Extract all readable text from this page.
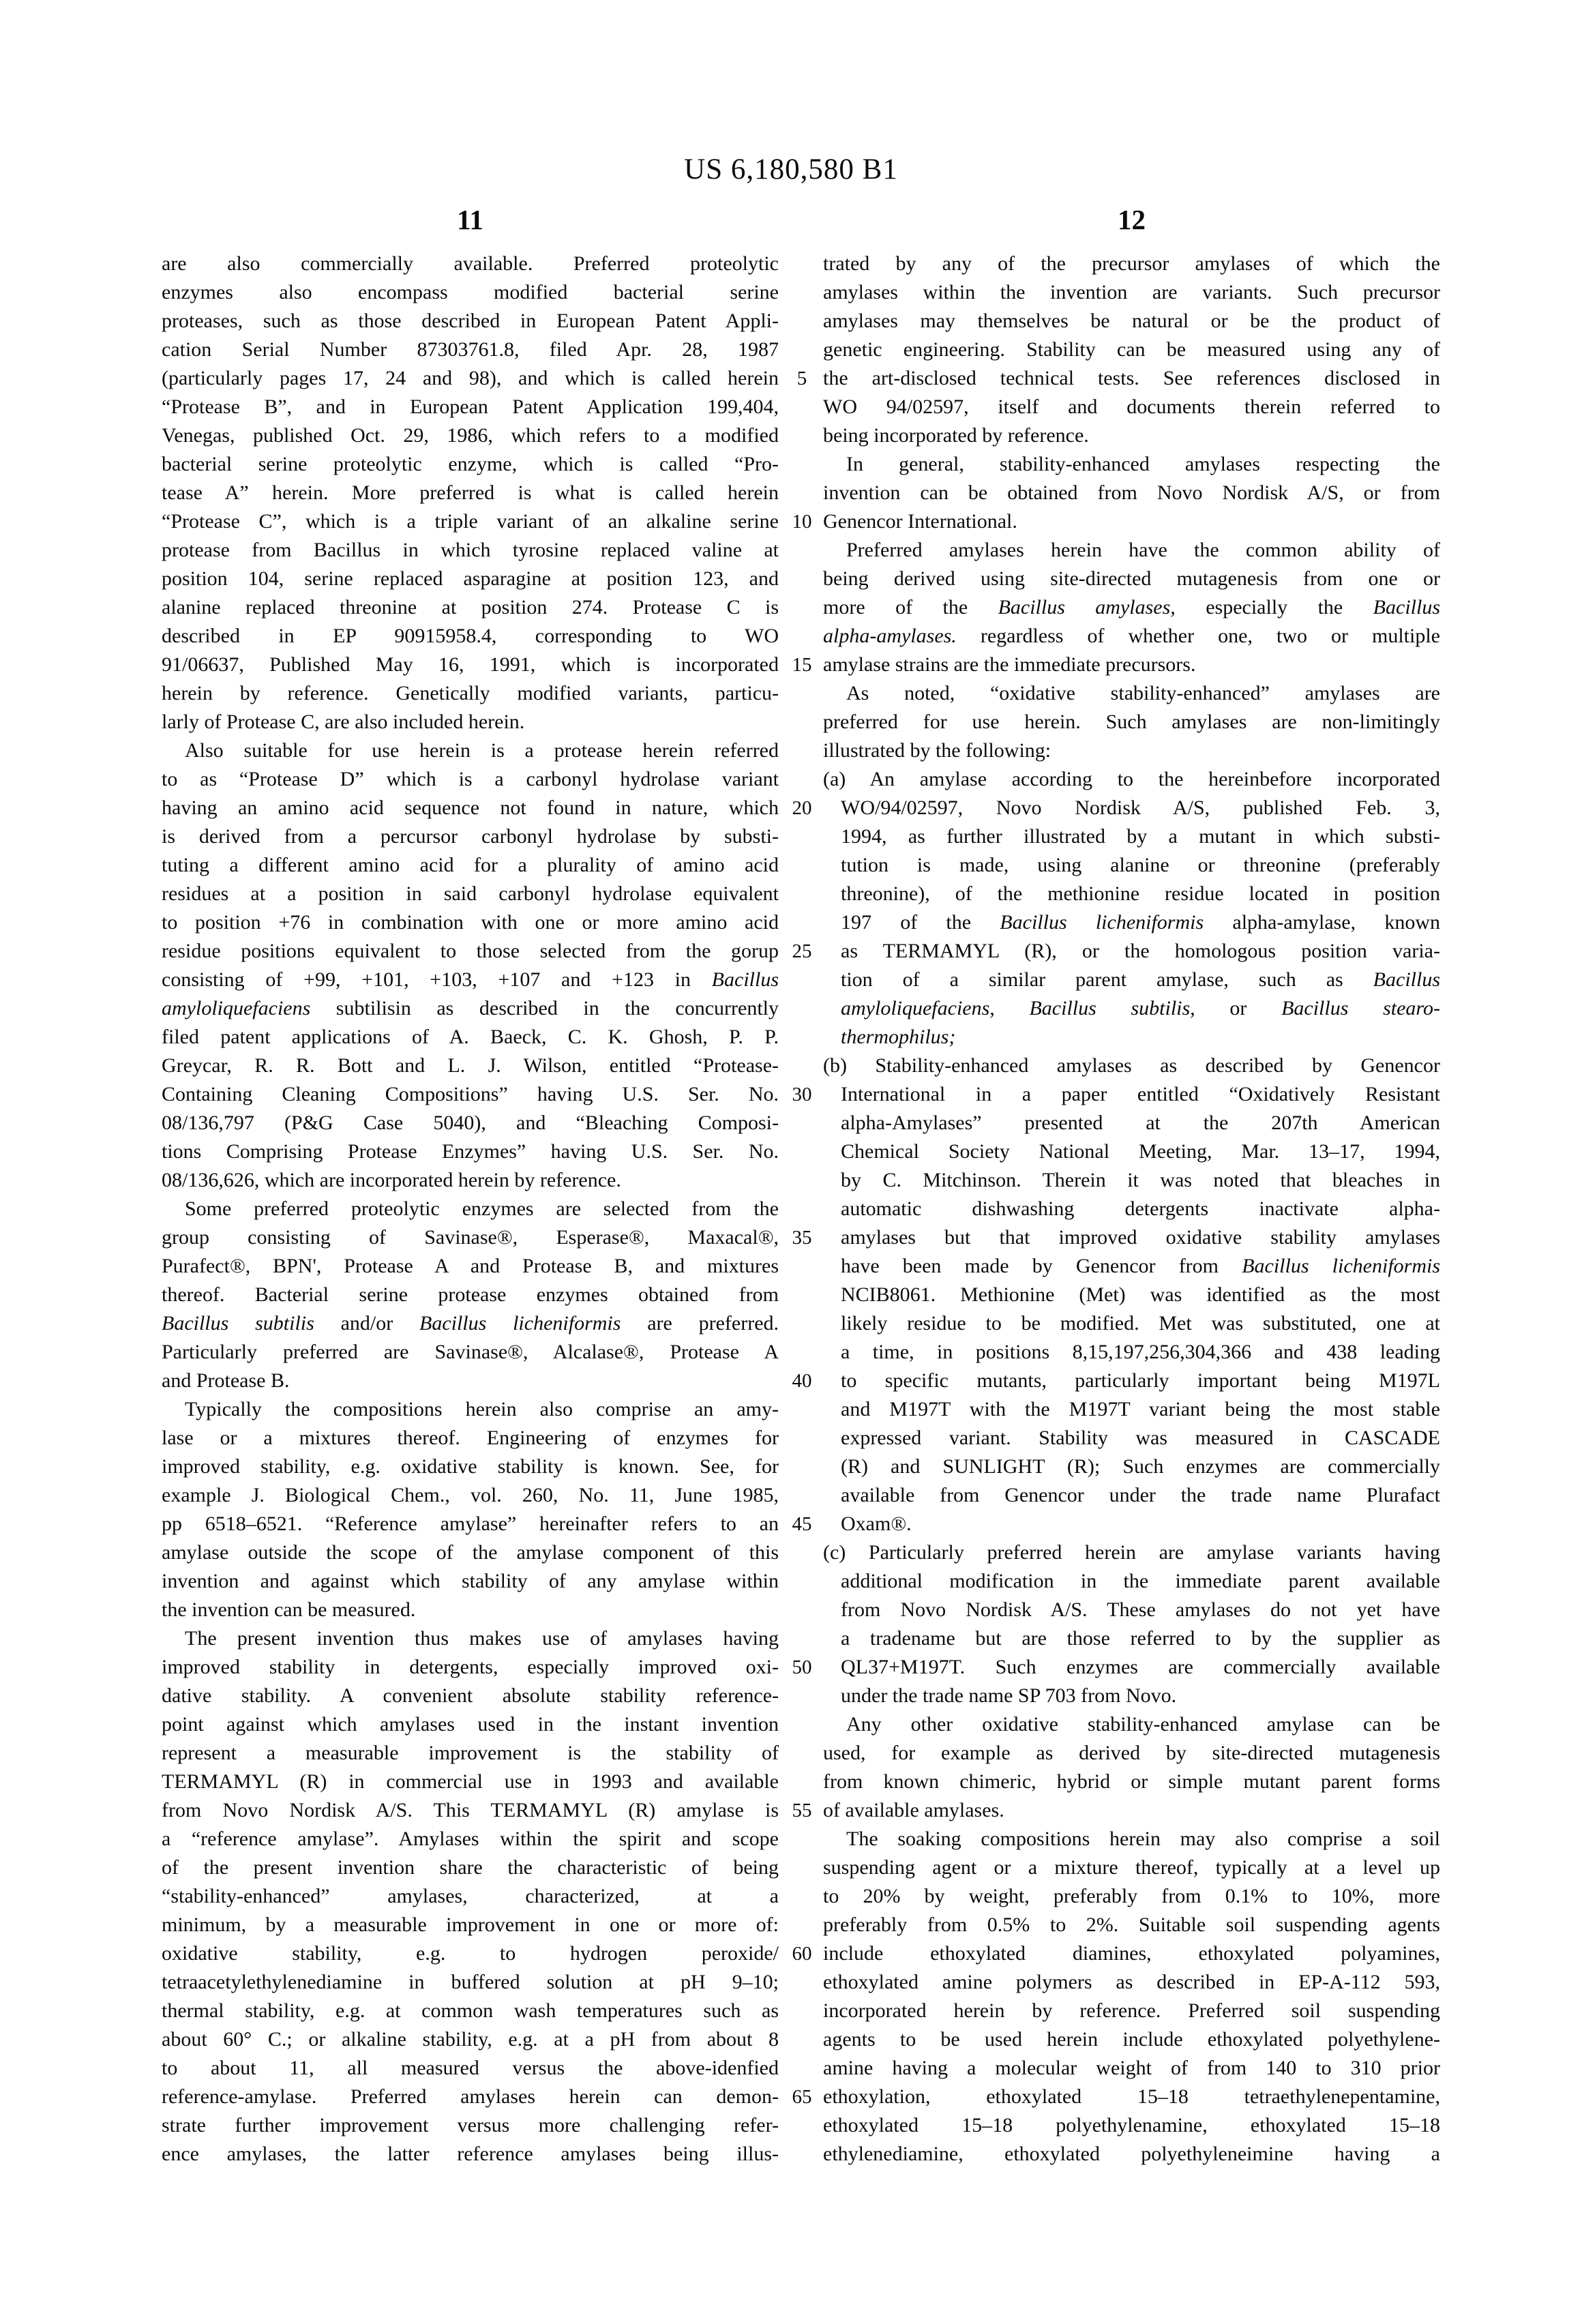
US 6,180,580 B1
11	12
5
10
15
20
25
30
35
40
45
50
55
60
65
are also commercially available. Preferred proteolytic
enzymes also encompass modified bacterial serine
proteases, such as those described in European Patent Appli-
cation Serial Number 87303761.8, filed Apr. 28, 1987
(particularly pages 17, 24 and 98), and which is called herein
“Protease B”, and in European Patent Application 199,404,
Venegas, published Oct. 29, 1986, which refers to a modified
bacterial serine proteolytic enzyme, which is called “Pro-
tease A” herein. More preferred is what is called herein
“Protease C”, which is a triple variant of an alkaline serine
protease from Bacillus in which tyrosine replaced valine at
position 104, serine replaced asparagine at position 123, and
alanine replaced threonine at position 274. Protease C is
described in EP 90915958.4, corresponding to WO
91/06637, Published May 16, 1991, which is incorporated
herein by reference. Genetically modified variants, particu-
larly of Protease C, are also included herein.
Also suitable for use herein is a protease herein referred
to as “Protease D” which is a carbonyl hydrolase variant
having an amino acid sequence not found in nature, which
is derived from a percursor carbonyl hydrolase by substi-
tuting a different amino acid for a plurality of amino acid
residues at a position in said carbonyl hydrolase equivalent
to position +76 in combination with one or more amino acid
residue positions equivalent to those selected from the gorup
consisting of +99, +101, +103, +107 and +123 in Bacillus
amyloliquefaciens subtilisin as described in the concurrently
filed patent applications of A. Baeck, C. K. Ghosh, P. P.
Greycar, R. R. Bott and L. J. Wilson, entitled “Protease-
Containing Cleaning Compositions” having U.S. Ser. No.
08/136,797 (P&G Case 5040), and “Bleaching Composi-
tions Comprising Protease Enzymes” having U.S. Ser. No.
08/136,626, which are incorporated herein by reference.
Some preferred proteolytic enzymes are selected from the
group consisting of Savinase®, Esperase®, Maxacal®,
Purafect®, BPN', Protease A and Protease B, and mixtures
thereof. Bacterial serine protease enzymes obtained from
Bacillus subtilis and/or Bacillus licheniformis are preferred.
Particularly preferred are Savinase®, Alcalase®, Protease A
and Protease B.
Typically the compositions herein also comprise an amy-
lase or a mixtures thereof. Engineering of enzymes for
improved stability, e.g. oxidative stability is known. See, for
example J. Biological Chem., vol. 260, No. 11, June 1985,
pp 6518–6521. “Reference amylase” hereinafter refers to an
amylase outside the scope of the amylase component of this
invention and against which stability of any amylase within
the invention can be measured.
The present invention thus makes use of amylases having
improved stability in detergents, especially improved oxi-
dative stability. A convenient absolute stability reference-
point against which amylases used in the instant invention
represent a measurable improvement is the stability of
TERMAMYL (R) in commercial use in 1993 and available
from Novo Nordisk A/S. This TERMAMYL (R) amylase is
a “reference amylase”. Amylases within the spirit and scope
of the present invention share the characteristic of being
“stability-enhanced” amylases, characterized, at a
minimum, by a measurable improvement in one or more of:
oxidative stability, e.g. to hydrogen peroxide/
tetraacetylethylenediamine in buffered solution at pH 9–10;
thermal stability, e.g. at common wash temperatures such as
about 60° C.; or alkaline stability, e.g. at a pH from about 8
to about 11, all measured versus the above-idenfied
reference-amylase. Preferred amylases herein can demon-
strate further improvement versus more challenging refer-
ence amylases, the latter reference amylases being illus-
trated by any of the precursor amylases of which the
amylases within the invention are variants. Such precursor
amylases may themselves be natural or be the product of
genetic engineering. Stability can be measured using any of
the art-disclosed technical tests. See references disclosed in
WO 94/02597, itself and documents therein referred to
being incorporated by reference.
In general, stability-enhanced amylases respecting the
invention can be obtained from Novo Nordisk A/S, or from
Genencor International.
Preferred amylases herein have the common ability of
being derived using site-directed mutagenesis from one or
more of the Bacillus amylases, especially the Bacillus
alpha-amylases. regardless of whether one, two or multiple
amylase strains are the immediate precursors.
As noted, “oxidative stability-enhanced” amylases are
preferred for use herein. Such amylases are non-limitingly
illustrated by the following:
(a) An amylase according to the hereinbefore incorporated
WO/94/02597, Novo Nordisk A/S, published Feb. 3,
1994, as further illustrated by a mutant in which substi-
tution is made, using alanine or threonine (preferably
threonine), of the methionine residue located in position
197 of the Bacillus licheniformis alpha-amylase, known
as TERMAMYL (R), or the homologous position varia-
tion of a similar parent amylase, such as Bacillus
amyloliquefaciens, Bacillus subtilis, or Bacillus stearo-
thermophilus;
(b) Stability-enhanced amylases as described by Genencor
International in a paper entitled “Oxidatively Resistant
alpha-Amylases” presented at the 207th American
Chemical Society National Meeting, Mar. 13–17, 1994,
by C. Mitchinson. Therein it was noted that bleaches in
automatic dishwashing detergents inactivate alpha-
amylases but that improved oxidative stability amylases
have been made by Genencor from Bacillus licheniformis
NCIB8061. Methionine (Met) was identified as the most
likely residue to be modified. Met was substituted, one at
a time, in positions 8,15,197,256,304,366 and 438 leading
to specific mutants, particularly important being M197L
and M197T with the M197T variant being the most stable
expressed variant. Stability was measured in CASCADE
(R) and SUNLIGHT (R); Such enzymes are commercially
available from Genencor under the trade name Plurafact
Oxam®.
(c) Particularly preferred herein are amylase variants having
additional modification in the immediate parent available
from Novo Nordisk A/S. These amylases do not yet have
a tradename but are those referred to by the supplier as
QL37+M197T. Such enzymes are commercially available
under the trade name SP 703 from Novo.
Any other oxidative stability-enhanced amylase can be
used, for example as derived by site-directed mutagenesis
from known chimeric, hybrid or simple mutant parent forms
of available amylases.
The soaking compositions herein may also comprise a soil
suspending agent or a mixture thereof, typically at a level up
to 20% by weight, preferably from 0.1% to 10%, more
preferably from 0.5% to 2%. Suitable soil suspending agents
include ethoxylated diamines, ethoxylated polyamines,
ethoxylated amine polymers as described in EP-A-112 593,
incorporated herein by reference. Preferred soil suspending
agents to be used herein include ethoxylated polyethylene-
amine having a molecular weight of from 140 to 310 prior
ethoxylation, ethoxylated 15–18 tetraethylenepentamine,
ethoxylated 15–18 polyethylenamine, ethoxylated 15–18
ethylenediamine, ethoxylated polyethyleneimine having a
